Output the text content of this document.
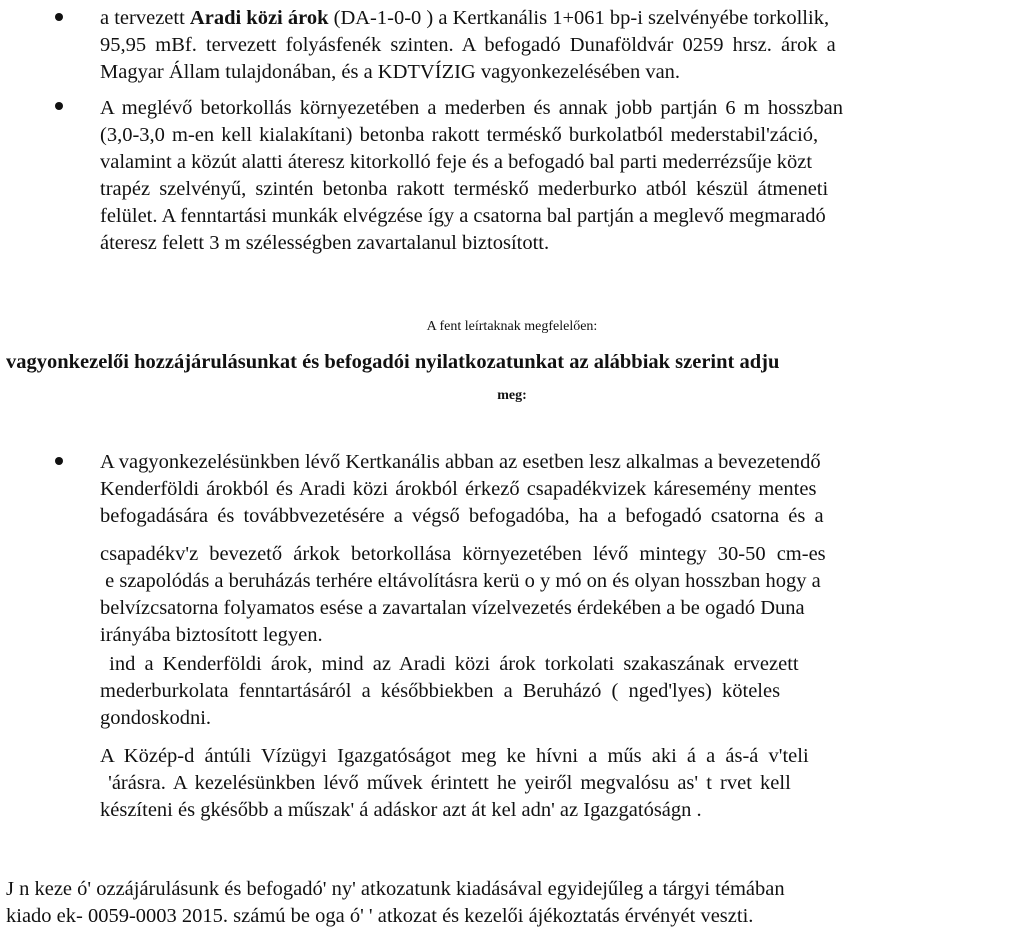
a tervezett Aradi közi árok (DA-1-0-0 ) a Kertkanális 1+061 bp-i szelvényébe torkollik,
95,95 mBf. tervezett folyásfenék szinten. A befogadó Dunaföldvár 0259 hrsz. árok a
Magyar Állam tulajdonában, és a KDTVÍZIG vagyonkezelésében van.
A meglévő betorkollás környezetében a mederben és annak jobb partján 6 m hosszban
(3,0-3,0 m-en kell kialakítani) betonba rakott terméskő burkolatból mederstabil'záció,
valamint a közút alatti áteresz kitorkolló feje és a befogadó bal parti mederrézsűje közt
trapéz szelvényű, szintén betonba rakott terméskő mederburko atból készül átmeneti
felület. A fenntartási munkák elvégzése így a csatorna bal partján a meglevő megmaradó
áteresz felett 3 m szélességben zavartalanul biztosított.
A fent leírtaknak megfelelően:
vagyonkezelői hozzájárulásunkat és befogadói nyilatkozatunkat az alábbiak szerint adju
meg:
A vagyonkezelésünkben lévő Kertkanális abban az esetben lesz alkalmas a bevezetendő
Kenderföldi árokból és Aradi közi árokból érkező csapadékvizek káresemény mentes
befogadására és továbbvezetésére a végső befogadóba, ha a befogadó csatorna és a
csapadékv'z bevezető árkok betorkollása környezetében lévő mintegy 30-50 cm-es
e szapolódás a beruházás terhére eltávolításra kerü o y mó on és olyan hosszban hogy a
belvízcsatorna folyamatos esése a zavartalan vízelvezetés érdekében a be ogadó Duna
irányába biztosított legyen.
ind a Kenderföldi árok, mind az Aradi közi árok torkolati szakaszának ervezett
mederburkolata fenntartásáról a későbbiekben a Beruházó ( nged'lyes) köteles
gondoskodni.
A Közép-d ántúli Vízügyi Igazgatóságot meg ke hívni a műs aki á a ás-á v'teli
'árásra. A kezelésünkben lévő művek érintett he yeiről megvalósu as' t rvet kell
készíteni és gkésőbb a műszak' á adáskor azt át kel adn' az Igazgatóságn .
J n keze ó' ozzájárulásunk és befogadó' ny' atkozatunk kiadásával egyidejűleg a tárgyi témában
kiado ek- 0059-0003 2015. számú be oga ó' ' atkozat és kezelői ájékoztatás érvényét veszti.
